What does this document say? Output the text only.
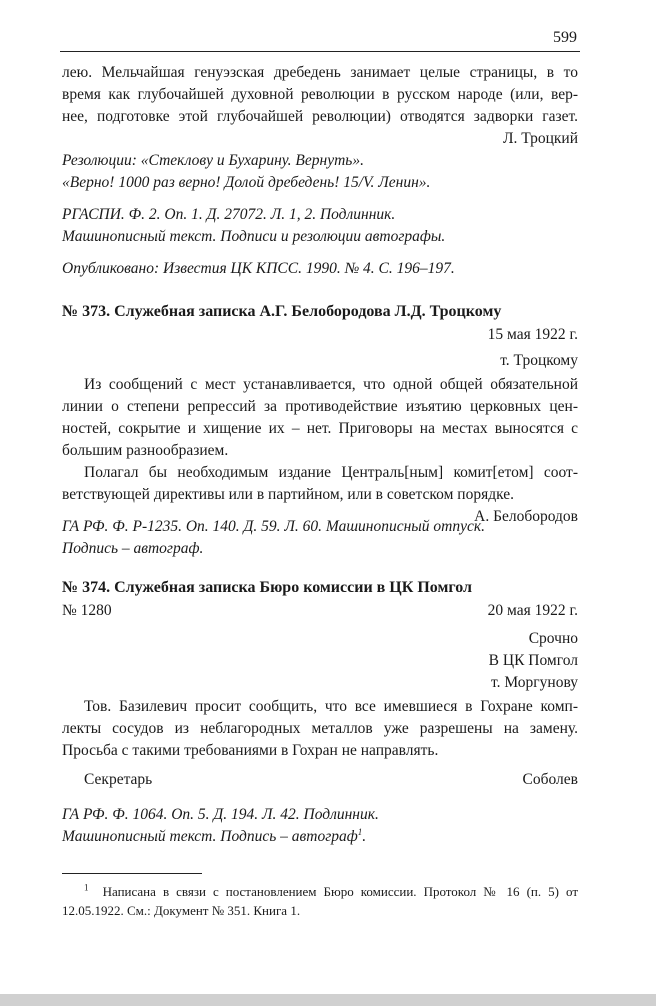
599

лею. Мельчайшая генуэзская дребедень занимает целые страницы, в то

время как глубочайшей духовной революции в русском народе (или, вер-

нее, подготовке этой глубочайшей революции) отводятся задворки газет.

Л. Троцкий

Резолюции: «Стеклову и Бухарину. Вернуть».

«Верно! 1000 раз верно! Долой дребедень! 15/V. Ленин».

РГАСПИ. Ф. 2. Оп. 1. Д. 27072. Л. 1, 2. Подлинник.

Машинописный текст. Подписи и резолюции автографы.

Опубликовано: Известия ЦК КПСС. 1990. № 4. С. 196–197.

№ 373. Служебная записка А.Г. Белобородова Л.Д. Троцкому

15 мая 1922 г.

т. Троцкому

Из сообщений с мест устанавливается, что одной общей обязательной

линии о степени репрессий за противодействие изъятию церковных цен-

ностей, сокрытие и хищение их – нет. Приговоры на местах выносятся с

большим разнообразием.

Полагал бы необходимым издание Централь[ным] комит[етом] соот-

ветствующей директивы или в партийном, или в советском порядке.

А. Белобородов

ГА РФ. Ф. Р-1235. Оп. 140. Д. 59. Л. 60. Машинописный отпуск.

Подпись – автограф.

№ 374. Служебная записка Бюро комиссии в ЦК Помгол
№ 1280	20 мая 1922 г.

Срочно

В ЦК Помгол

т. Моргунову

Тов. Базилевич просит сообщить, что все имевшиеся в Гохране комп-

лекты сосудов из неблагородных металлов уже разрешены на замену.

Просьба с такими требованиями в Гохран не направлять.

Секретарь	Соболев

ГА РФ. Ф. 1064. Оп. 5. Д. 194. Л. 42. Подлинник.

Машинописный текст. Подпись – автограф$^1$.

$^1$ Написана в связи с постановлением Бюро комиссии. Протокол № 16 (п. 5) от

12.05.1922. См.: Документ № 351. Книга 1.
